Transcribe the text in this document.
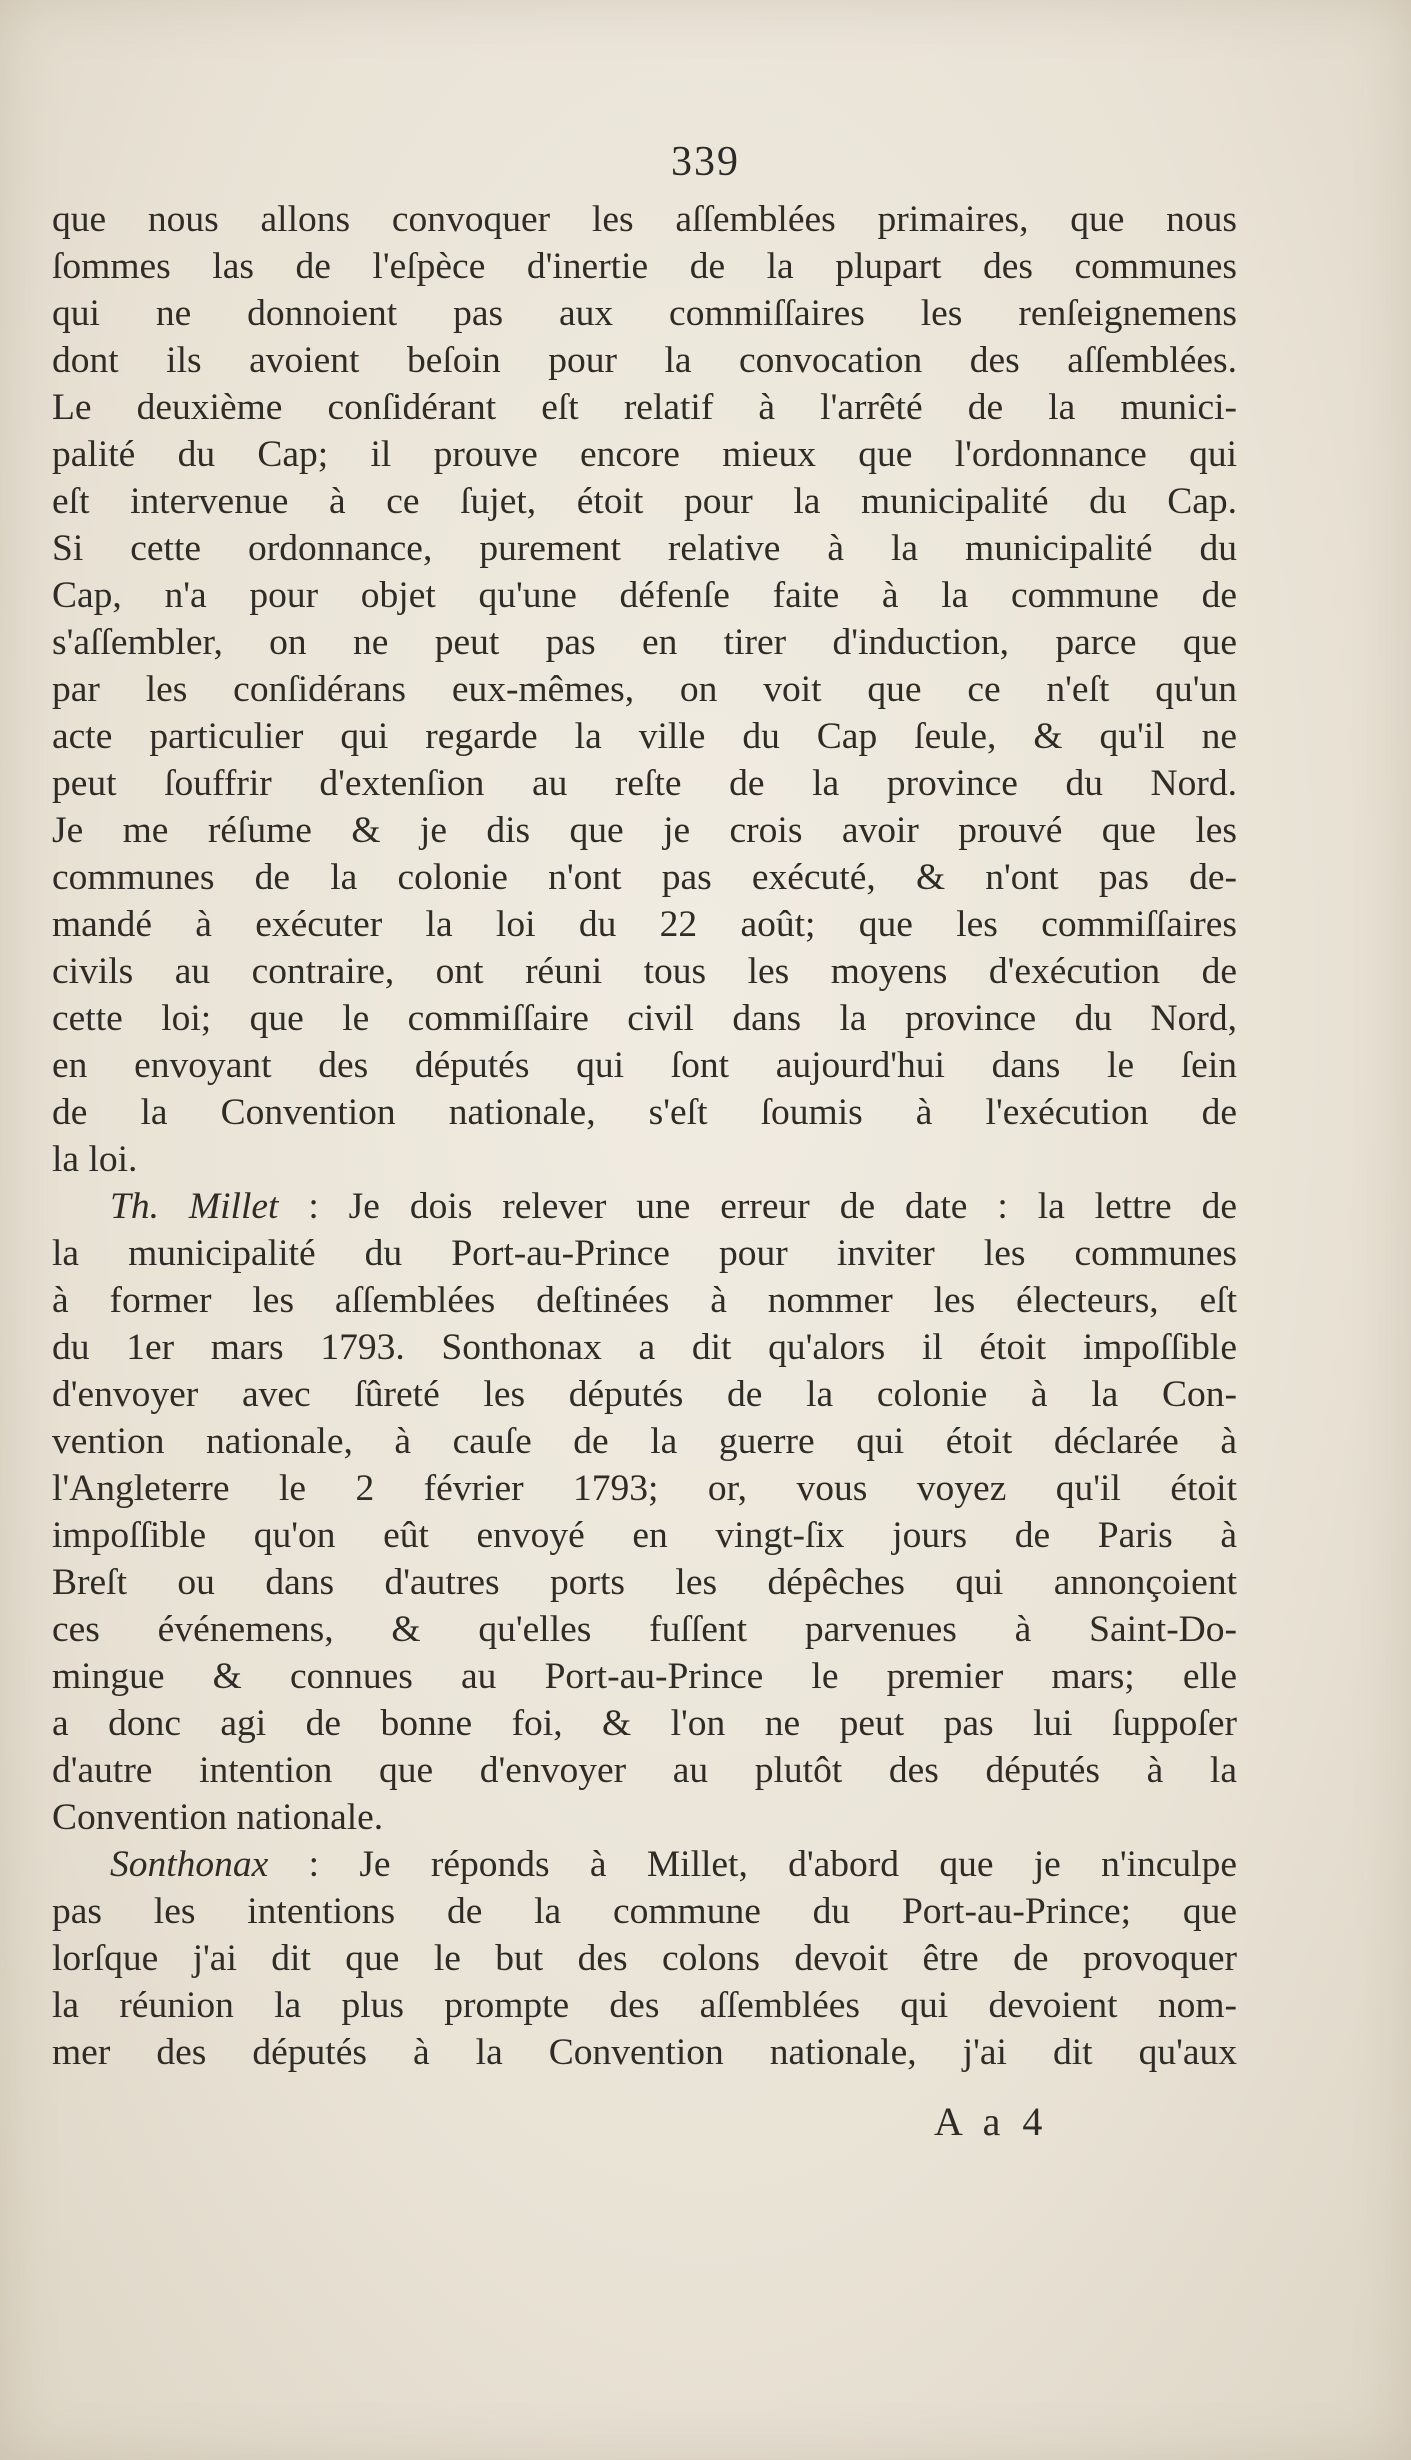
339
que nous allons convoquer les aſſemblées primaires, que nous
ſommes las de l'eſpèce d'inertie de la plupart des communes
qui ne donnoient pas aux commiſſaires les renſeignemens
dont ils avoient beſoin pour la convocation des aſſemblées.
Le deuxième conſidérant eſt relatif à l'arrêté de la munici-
palité du Cap; il prouve encore mieux que l'ordonnance qui
eſt intervenue à ce ſujet, étoit pour la municipalité du Cap.
Si cette ordonnance, purement relative à la municipalité du
Cap, n'a pour objet qu'une défenſe faite à la commune de
s'aſſembler, on ne peut pas en tirer d'induction, parce que
par les conſidérans eux-mêmes, on voit que ce n'eſt qu'un
acte particulier qui regarde la ville du Cap ſeule, & qu'il ne
peut ſouffrir d'extenſion au reſte de la province du Nord.
Je me réſume & je dis que je crois avoir prouvé que les
communes de la colonie n'ont pas exécuté, & n'ont pas de-
mandé à exécuter la loi du 22 août; que les commiſſaires
civils au contraire, ont réuni tous les moyens d'exécution de
cette loi; que le commiſſaire civil dans la province du Nord,
en envoyant des députés qui ſont aujourd'hui dans le ſein
de la Convention nationale, s'eſt ſoumis à l'exécution de
la loi.
Th. Millet : Je dois relever une erreur de date : la lettre de
la municipalité du Port-au-Prince pour inviter les communes
à former les aſſemblées deſtinées à nommer les électeurs, eſt
du 1er mars 1793. Sonthonax a dit qu'alors il étoit impoſſible
d'envoyer avec ſûreté les députés de la colonie à la Con-
vention nationale, à cauſe de la guerre qui étoit déclarée à
l'Angleterre le 2 février 1793; or, vous voyez qu'il étoit
impoſſible qu'on eût envoyé en vingt-ſix jours de Paris à
Breſt ou dans d'autres ports les dépêches qui annonçoient
ces événemens, & qu'elles fuſſent parvenues à Saint-Do-
mingue & connues au Port-au-Prince le premier mars; elle
a donc agi de bonne foi, & l'on ne peut pas lui ſuppoſer
d'autre intention que d'envoyer au plutôt des députés à la
Convention nationale.
Sonthonax : Je réponds à Millet, d'abord que je n'inculpe
pas les intentions de la commune du Port-au-Prince; que
lorſque j'ai dit que le but des colons devoit être de provoquer
la réunion la plus prompte des aſſemblées qui devoient nom-
mer des députés à la Convention nationale, j'ai dit qu'aux
A a 4
